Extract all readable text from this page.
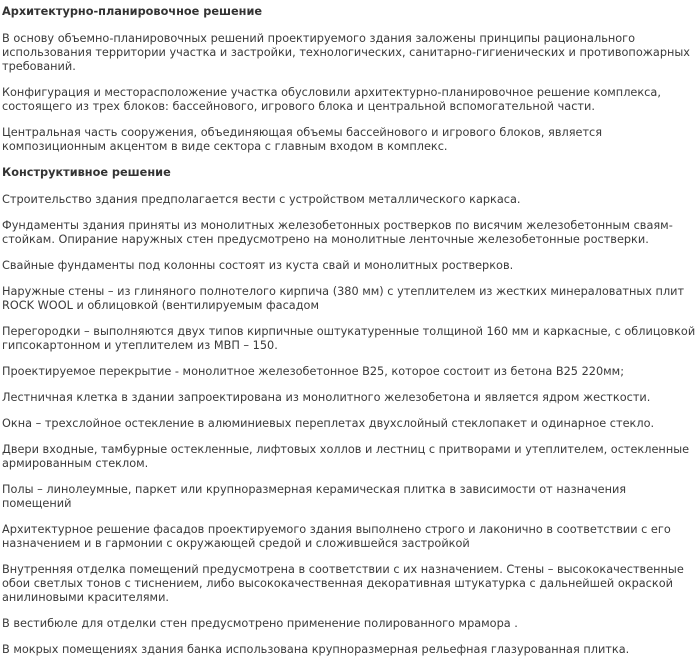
Архитектурно-планировочное решение
В основу объемно-планировочных решений проектируемого здания заложены принципы рационального использования территории участка и застройки, технологических, санитарно-гигиенических и противопожарных требований.
Конфигурация и месторасположение участка обусловили архитектурно-планировочное решение комплекса, состоящего из трех блоков: бассейнового, игрового блока и центральной вспомогательной части.
Центральная часть сооружения, объединяющая объемы бассейнового и игрового блоков, является композиционным акцентом в виде сектора с главным входом в комплекс.
Конструктивное решение
Строительство здания предполагается вести с устройством металлического каркаса.
Фундаменты здания приняты из монолитных железобетонных ростверков по висячим железобетонным сваям-стойкам. Опирание наружных стен предусмотрено на монолитные ленточные железобетонные ростверки.
Свайные фундаменты под колонны состоят из куста свай и монолитных ростверков.
Наружные стены – из глиняного полнотелого кирпича (380 мм) с утеплителем из жестких минераловатных плит ROCK WOOL и облицовкой (вентилируемым фасадом
Перегородки – выполняются двух типов кирпичные оштукатуренные толщиной 160 мм и каркасные, с облицовкой гипсокартонном и утеплителем из МВП – 150.
Проектируемое перекрытие - монолитное железобетонное В25, которое состоит из бетона В25 220мм;
Лестничная клетка в здании запроектирована из монолитного железобетона и является ядром жесткости.
Окна – трехслойное остекление в алюминиевых переплетах двухслойный стеклопакет и одинарное стекло.
Двери входные, тамбурные остекленные, лифтовых холлов и лестниц с притворами и утеплителем, остекленные армированным стеклом.
Полы – линолеумные, паркет или крупноразмерная керамическая плитка в зависимости от назначения помещений
Архитектурное решение фасадов проектируемого здания выполнено строго и лаконично в соответствии с его назначением и в гармонии с окружающей средой и сложившейся застройкой
Внутренняя отделка помещений предусмотрена в соответствии с их назначением. Стены – высококачественные обои светлых тонов с тиснением, либо высококачественная декоративная штукатурка с дальнейшей окраской анилиновыми красителями.
В вестибюле для отделки стен предусмотрено применение полированного мрамора .
В мокрых помещениях здания банка использована крупноразмерная рельефная глазурованная плитка.
